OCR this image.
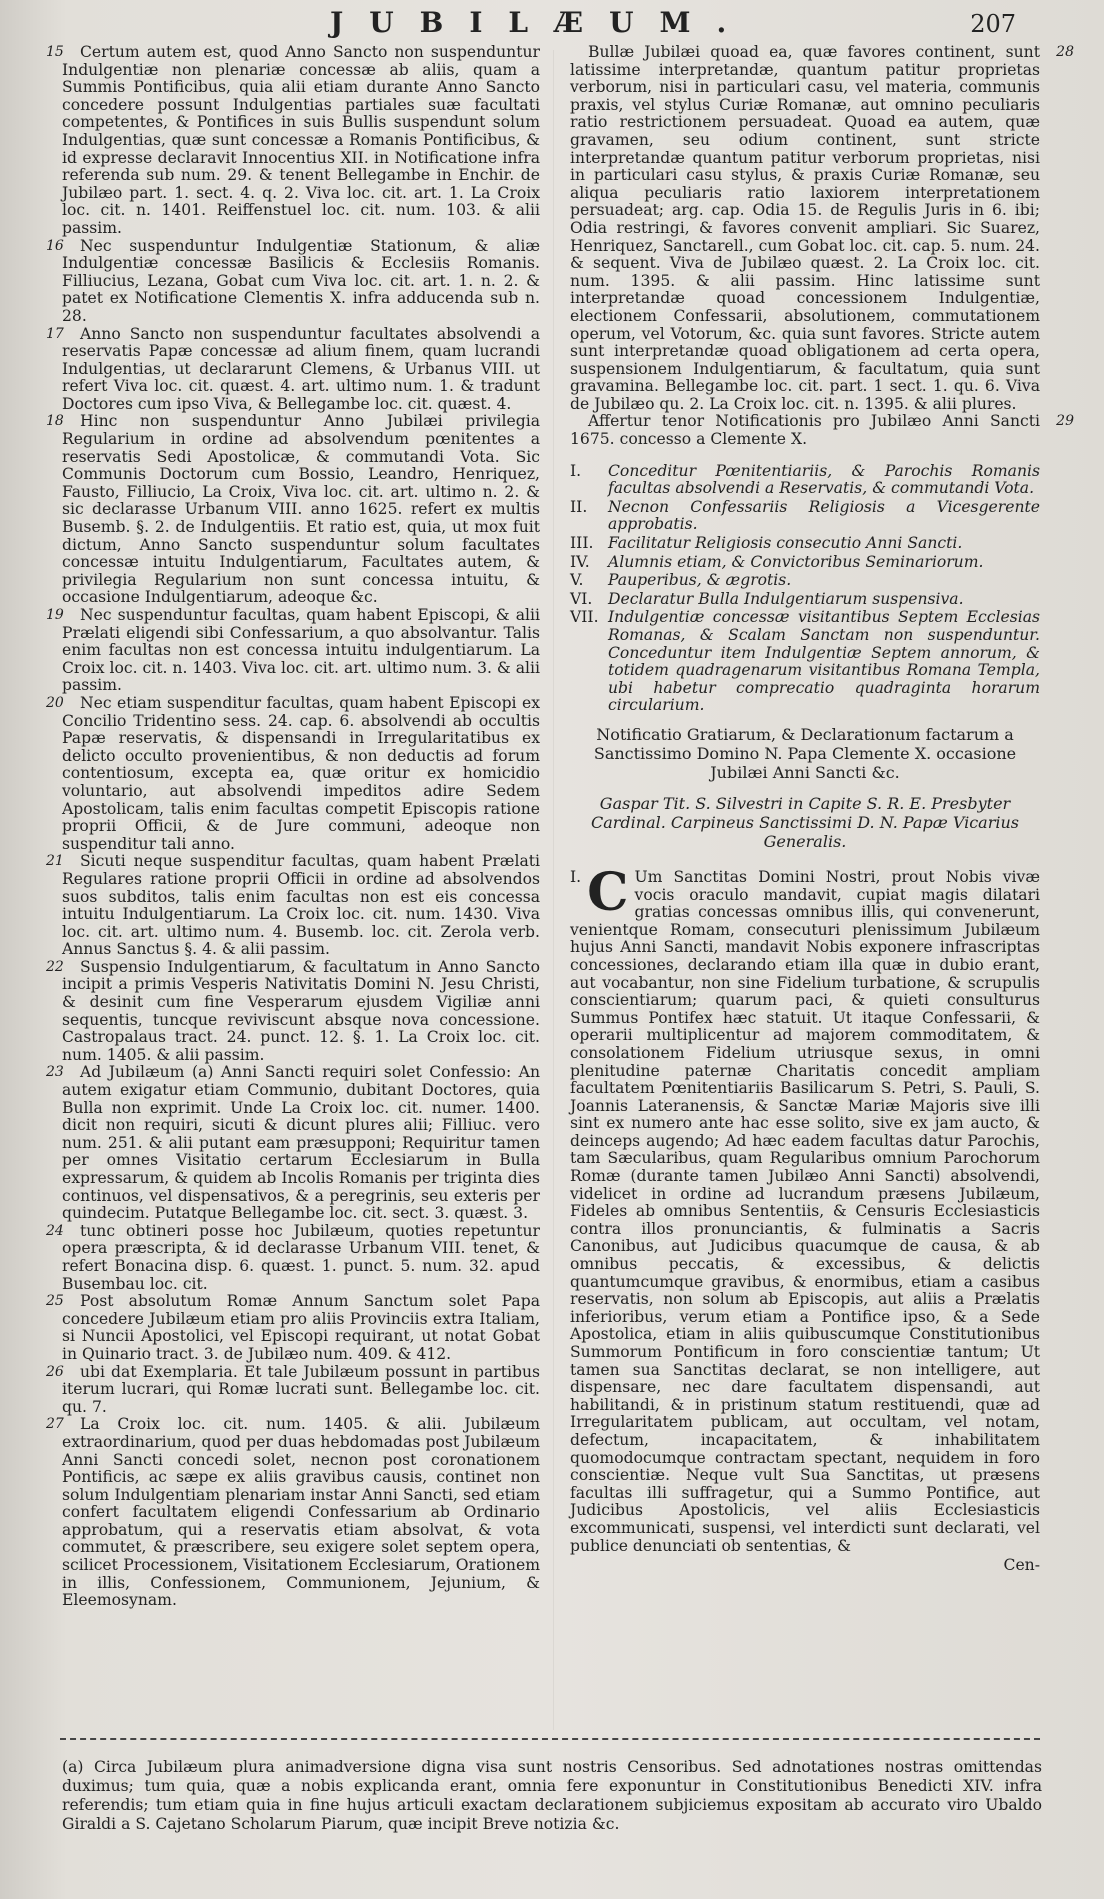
JUBILÆUM.	207

15 Certum autem est, quod Anno Sancto non suspenduntur Indulgentiæ non plenariæ concessæ ab aliis, quam a Summis Pontificibus, quia alii etiam durante Anno Sancto concedere possunt Indulgentias partiales suæ facultati competentes, & Pontifices in suis Bullis suspendunt solum Indulgentias, quæ sunt concessæ a Romanis Pontificibus, & id expresse declaravit Innocentius XII. in Notificatione infra referenda sub num. 29. & tenent Bellegambe in Enchir. de Jubilæo part. 1. sect. 4. q. 2. Viva loc. cit. art. 1. La Croix loc. cit. n. 1401. Reiffenstuel loc. cit. num. 103. & alii passim.

16 Nec suspenduntur Indulgentiæ Stationum, & aliæ Indulgentiæ concessæ Basilicis & Ecclesiis Romanis. Filliucius, Lezana, Gobat cum Viva loc. cit. art. 1. n. 2. & patet ex Notificatione Clementis X. infra adducenda sub n. 28.

17 Anno Sancto non suspenduntur facultates absolvendi a reservatis Papæ concessæ ad alium finem, quam lucrandi Indulgentias, ut declararunt Clemens, & Urbanus VIII. ut refert Viva loc. cit. quæst. 4. art. ultimo num. 1. & tradunt Doctores cum ipso Viva, & Bellegambe loc. cit. quæst. 4.

18 Hinc non suspenduntur Anno Jubilæi privilegia Regularium in ordine ad absolvendum pœnitentes a reservatis Sedi Apostolicæ, & commutandi Vota. Sic Communis Doctorum cum Bossio, Leandro, Henriquez, Fausto, Filliucio, La Croix, Viva loc. cit. art. ultimo n. 2. & sic declarasse Urbanum VIII. anno 1625. refert ex multis Busemb. §. 2. de Indulgentiis. Et ratio est, quia, ut mox fuit dictum, Anno Sancto suspenduntur solum facultates concessæ intuitu Indulgentiarum, Facultates autem, & privilegia Regularium non sunt concessa intuitu, & occasione Indulgentiarum, adeoque &c.

19 Nec suspenduntur facultas, quam habent Episcopi, & alii Prælati eligendi sibi Confessarium, a quo absolvantur. Talis enim facultas non est concessa intuitu indulgentiarum. La Croix loc. cit. n. 1403. Viva loc. cit. art. ultimo num. 3. & alii passim.

20 Nec etiam suspenditur facultas, quam habent Episcopi ex Concilio Tridentino sess. 24. cap. 6. absolvendi ab occultis Papæ reservatis, & dispensandi in Irregularitatibus ex delicto occulto provenientibus, & non deductis ad forum contentiosum, excepta ea, quæ oritur ex homicidio voluntario, aut absolvendi impeditos adire Sedem Apostolicam, talis enim facultas competit Episcopis ratione proprii Officii, & de Jure communi, adeoque non suspenditur tali anno.

21 Sicuti neque suspenditur facultas, quam habent Prælati Regulares ratione proprii Officii in ordine ad absolvendos suos subditos, talis enim facultas non est eis concessa intuitu Indulgentiarum. La Croix loc. cit. num. 1430. Viva loc. cit. art. ultimo num. 4. Busemb. loc. cit. Zerola verb. Annus Sanctus §. 4. & alii passim.

22 Suspensio Indulgentiarum, & facultatum in Anno Sancto incipit a primis Vesperis Nativitatis Domini N. Jesu Christi, & desinit cum fine Vesperarum ejusdem Vigiliæ anni sequentis, tuncque reviviscunt absque nova concessione. Castropalaus tract. 24. punct. 12. §. 1. La Croix loc. cit. num. 1405. & alii passim.

23 Ad Jubilæum (a) Anni Sancti requiri solet Confessio: An autem exigatur etiam Communio, dubitant Doctores, quia Bulla non exprimit. Unde La Croix loc. cit. numer. 1400. dicit non requiri, sicuti & dicunt plures alii; Filliuc. vero num. 251. & alii putant eam præsupponi; Requiritur tamen per omnes Visitatio certarum Ecclesiarum in Bulla expressarum, & quidem ab Incolis Romanis per triginta dies continuos, vel dispensativos, & a peregrinis, seu exteris per quindecim. Putatque Bellegambe loc. cit. sect. 3. quæst. 3.

24 tunc obtineri posse hoc Jubilæum, quoties repetuntur opera præscripta, & id declarasse Urbanum VIII. tenet, & refert Bonacina disp. 6. quæst. 1. punct. 5. num. 32. apud Busembau loc. cit.

25 Post absolutum Romæ Annum Sanctum solet Papa concedere Jubilæum etiam pro aliis Provinciis extra Italiam, si Nuncii Apostolici, vel Episcopi requirant, ut notat Gobat in Quinario tract. 3. de Jubilæo num. 409. & 412.

26 ubi dat Exemplaria. Et tale Jubilæum possunt in partibus iterum lucrari, qui Romæ lucrati sunt. Bellegambe loc. cit. qu. 7.

27 La Croix loc. cit. num. 1405. & alii. Jubilæum extraordinarium, quod per duas hebdomadas post Jubilæum Anni Sancti concedi solet, necnon post coronationem Pontificis, ac sæpe ex aliis gravibus causis, continet non solum Indulgentiam plenariam instar Anni Sancti, sed etiam confert facultatem eligendi Confessarium ab Ordinario approbatum, qui a reservatis etiam absolvat, & vota commutet, & præscribere, seu exigere solet septem opera, scilicet Processionem, Visitationem Ecclesiarum, Orationem in illis, Confessionem, Communionem, Jejunium, & Eleemosynam.

28
Bullæ Jubilæi quoad ea, quæ favores continent, sunt latissime interpretandæ, quantum patitur proprietas verborum, nisi in particulari casu, vel materia, communis praxis, vel stylus Curiæ Romanæ, aut omnino peculiaris ratio restrictionem persuadeat. Quoad ea autem, quæ gravamen, seu odium continent, sunt stricte interpretandæ quantum patitur verborum proprietas, nisi in particulari casu stylus, & praxis Curiæ Romanæ, seu aliqua peculiaris ratio laxiorem interpretationem persuadeat; arg. cap. Odia 15. de Regulis Juris in 6. ibi; Odia restringi, & favores convenit ampliari. Sic Suarez, Henriquez, Sanctarell., cum Gobat loc. cit. cap. 5. num. 24. & sequent. Viva de Jubilæo quæst. 2. La Croix loc. cit. num. 1395. & alii passim. Hinc latissime sunt interpretandæ quoad concessionem Indulgentiæ, electionem Confessarii, absolutionem, commutationem operum, vel Votorum, &c. quia sunt favores. Stricte autem sunt interpretandæ quoad obligationem ad certa opera, suspensionem Indulgentiarum, & facultatum, quia sunt gravamina. Bellegambe loc. cit. part. 1 sect. 1. qu. 6. Viva de Jubilæo qu. 2. La Croix loc. cit. n. 1395. & alii plures.

29
Affertur tenor Notificationis pro Jubilæo Anni Sancti 1675. concesso a Clemente X.

I.	Conceditur Pœnitentiariis, & Parochis Romanis facultas absolvendi a Reservatis, & commutandi Vota.
II.	Necnon Confessariis Religiosis a Vicesgerente approbatis.
III. Facilitatur Religiosis consecutio Anni Sancti.
IV.	Alumnis etiam, & Convictoribus Seminariorum.
V.	Pauperibus, & ægrotis.
VI.	Declaratur Bulla Indulgentiarum suspensiva.
VII. Indulgentiæ concessæ visitantibus Septem Ecclesias Romanas, & Scalam Sanctam non suspenduntur. Conceduntur item Indulgentiæ Septem annorum, & totidem quadragenarum visitantibus Romana Templa, ubi habetur comprecatio quadraginta horarum circularium.
Notificatio Gratiarum, & Declarationum factarum a Sanctissimo Domino N. Papa Clemente X. occasione Jubilæi Anni Sancti &c.
Gaspar Tit. S. Silvestri in Capite S. R. E. Presbyter Cardinal. Carpineus Sanctissimi D. N. Papæ Vicarius Generalis.

I. C Um Sanctitas Domini Nostri, prout Nobis vivæ vocis oraculo mandavit, cupiat magis dilatari gratias concessas omnibus illis, qui convenerunt, venientque Romam, consecuturi plenissimum Jubilæum hujus Anni Sancti, mandavit Nobis exponere infrascriptas concessiones, declarando etiam illa quæ in dubio erant, aut vocabantur, non sine Fidelium turbatione, & scrupulis conscientiarum; quarum paci, & quieti consulturus Summus Pontifex hæc statuit. Ut itaque Confessarii, & operarii multiplicentur ad majorem commoditatem, & consolationem Fidelium utriusque sexus, in omni plenitudine paternæ Charitatis concedit ampliam facultatem Pœnitentiariis Basilicarum S. Petri, S. Pauli, S. Joannis Lateranensis, & Sanctæ Mariæ Majoris sive illi sint ex numero ante hac esse solito, sive ex jam aucto, & deinceps augendo; Ad hæc eadem facultas datur Parochis, tam Sæcularibus, quam Regularibus omnium Parochorum Romæ (durante tamen Jubilæo Anni Sancti) absolvendi, videlicet in ordine ad lucrandum præsens Jubilæum, Fideles ab omnibus Sententiis, & Censuris Ecclesiasticis contra illos pronunciantis, & fulminatis a Sacris Canonibus, aut Judicibus quacumque de causa, & ab omnibus peccatis, & excessibus, & delictis quantumcumque gravibus, & enormibus, etiam a casibus reservatis, non solum ab Episcopis, aut aliis a Prælatis inferioribus, verum etiam a Pontifice ipso, & a Sede Apostolica, etiam in aliis quibuscumque Constitutionibus Summorum Pontificum in foro conscientiæ tantum; Ut tamen sua Sanctitas declarat, se non intelligere, aut dispensare, nec dare facultatem dispensandi, aut habilitandi, & in pristinum statum restituendi, quæ ad Irregularitatem publicam, aut occultam, vel notam, defectum, incapacitatem, & inhabilitatem quomodocumque contractam spectant, nequidem in foro conscientiæ. Neque vult Sua Sanctitas, ut præsens facultas illi suffragetur, qui a Summo Pontifice, aut Judicibus Apostolicis, vel aliis Ecclesiasticis excommunicati, suspensi, vel interdicti sunt declarati, vel publice denunciati ob sententias, &

Cen-
(a) Circa Jubilæum plura animadversione digna visa sunt nostris Censoribus. Sed adnotationes nostras omittendas duximus; tum quia, quæ a nobis explicanda erant, omnia fere exponuntur in Constitutionibus Benedicti XIV. infra referendis; tum etiam quia in fine hujus articuli exactam declarationem subjiciemus expositam ab accurato viro Ubaldo Giraldi a S. Cajetano Scholarum Piarum, quæ incipit Breve notizia &c.
